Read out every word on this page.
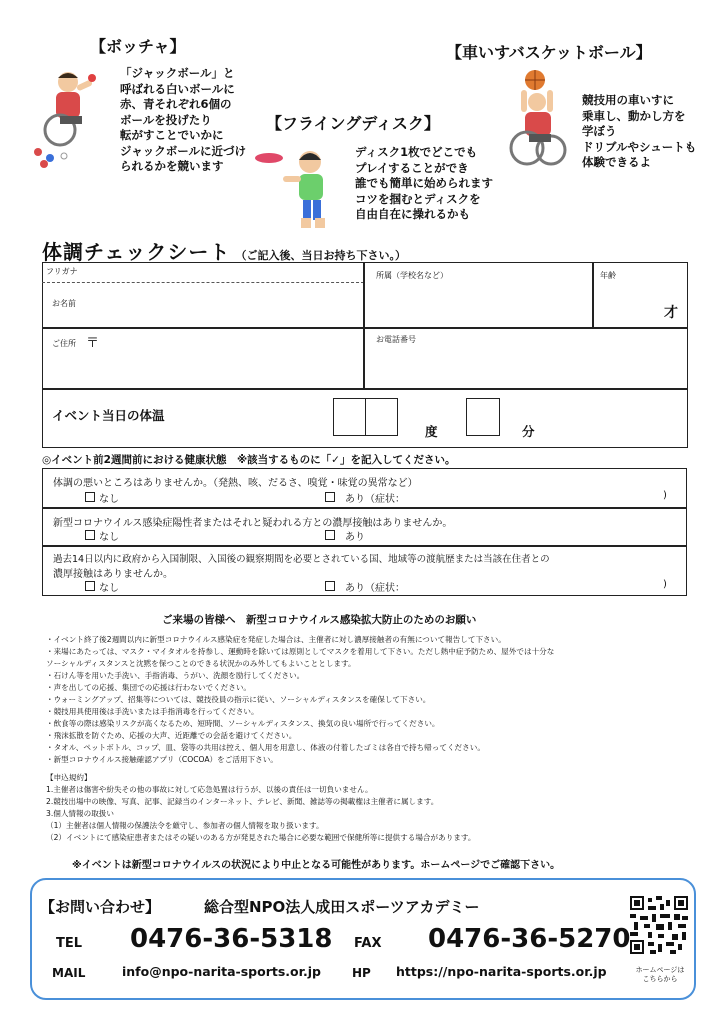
【ボッチャ】
「ジャックボール」と
呼ばれる白いボールに
赤、青それぞれ6個の
ボールを投げたり
転がすことでいかに
ジャックボールに近づけ
られるかを競います
【フライングディスク】
ディスク1枚でどこでも
プレイすることができ
誰でも簡単に始められます
コツを掴むとディスクを
自由自在に操れるかも
【車いすバスケットボール】
競技用の車いすに
乗車し、動かし方を
学ぼう
ドリブルやシュートも
体験できるよ
体調チェックシート （ご記入後、当日お持ち下さい。）
フリガナ
お名前
所属（学校名など）	年齢
才
ご住所 〒	お電話番号
イベント当日の体温
度	分
◎イベント前2週間前における健康状態　※該当するものに「✓」を記入してください。
体調の悪いところはありませんか。（発熱、咳、だるさ、嗅覚・味覚の異常など）
なし	あり（症状：	)
新型コロナウイルス感染症陽性者またはそれと疑われる方との濃厚接触はありませんか。
なし	あり
過去14日以内に政府から入国制限、入国後の観察期間を必要とされている国、地域等の渡航歴または当該在住者との
濃厚接触はありませんか。
なし	あり（症状：	)
ご来場の皆様へ　新型コロナウイルス感染拡大防止のためのお願い
・イベント終了後2週間以内に新型コロナウイルス感染症を発症した場合は、主催者に対し濃厚接触者の有無について報告して下さい。
・来場にあたっては、マスク・マイタオルを持参し、運動時を除いては原則としてマスクを着用して下さい。ただし熱中症予防ため、屋外では十分な
ソーシャルディスタンスと沈黙を保つことのできる状況かのみ外してもよいこととします。
・石けん等を用いた手洗い、手指消毒、うがい、洗顔を励行してください。
・声を出しての応援、集団での応援は行わないでください。
・ウォーミングアップ、招集等については、競技役員の指示に従い、ソーシャルディスタンスを確保して下さい。
・競技用具使用後は手洗いまたは手指消毒を行ってください。
・飲食等の際は感染リスクが高くなるため、短時間、ソーシャルディスタンス、換気の良い場所で行ってください。
・飛沫拡散を防ぐため、応援の大声、近距離での会話を避けてください。
・タオル、ペットボトル、コップ、皿、袋等の共用は控え、個人用を用意し、体液の付着したゴミは各自で持ち帰ってください。
・新型コロナウイルス接触確認アプリ（COCOA）をご活用下さい。
【申込規約】
1.主催者は傷害や紛失その他の事故に対して応急処置は行うが、以後の責任は一切負いません。
2.競技出場中の映像、写真、記事、記録当のインターネット、テレビ、新聞、雑誌等の掲載権は主催者に属します。
3.個人情報の取扱い
（1）主催者は個人情報の保護法令を厳守し、参加者の個人情報を取り扱います。
（2）イベントにて感染症患者またはその疑いのある方が発見された場合に必要な範囲で保健所等に提供する場合があります。
※イベントは新型コロナウイルスの状況により中止となる可能性があります。ホームページでご確認下さい。
【お問い合わせ】	総合型NPO法人成田スポーツアカデミー
TEL 0476-36-5318 FAX 0476-36-5270
MAIL	info@npo-narita-sports.or.jp	HP https://npo-narita-sports.or.jp	ホームページは
こちらから
